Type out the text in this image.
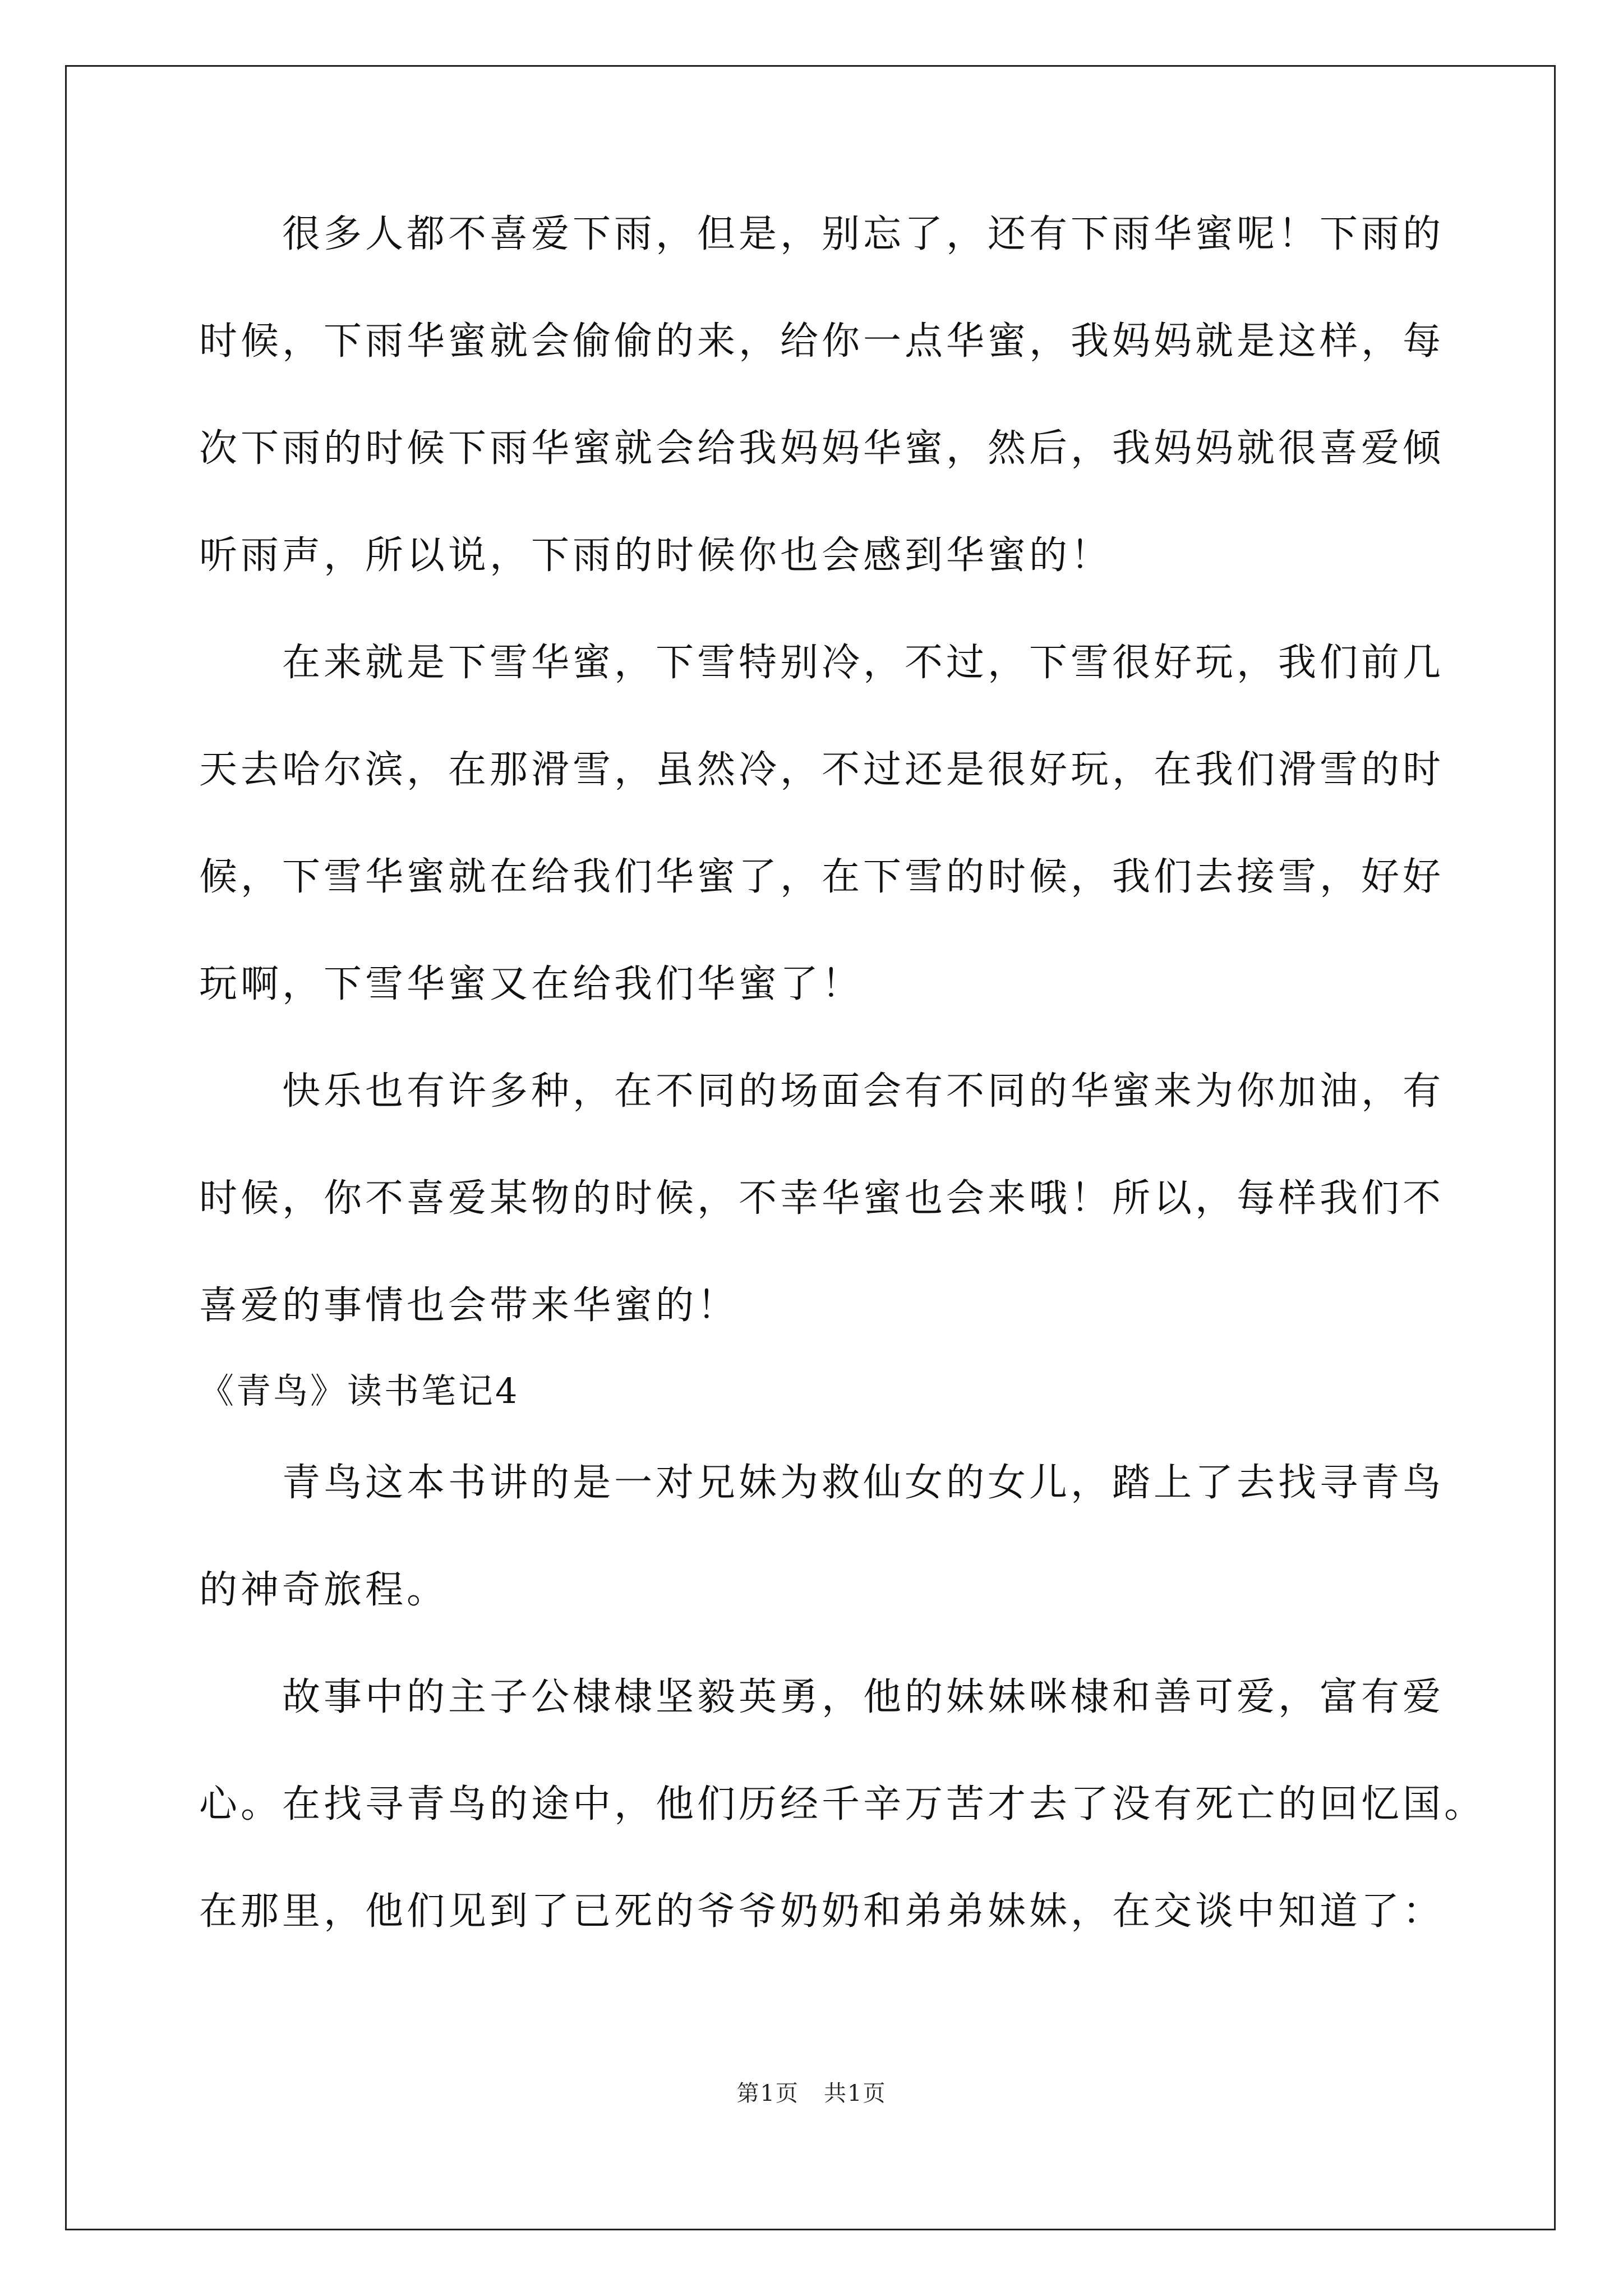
很多人都不喜爱下雨，但是，别忘了，还有下雨华蜜呢！下雨的
时候，下雨华蜜就会偷偷的来，给你一点华蜜，我妈妈就是这样，每
次下雨的时候下雨华蜜就会给我妈妈华蜜，然后，我妈妈就很喜爱倾
听雨声，所以说，下雨的时候你也会感到华蜜的！
在来就是下雪华蜜，下雪特别冷，不过，下雪很好玩，我们前几
天去哈尔滨，在那滑雪，虽然冷，不过还是很好玩，在我们滑雪的时
候，下雪华蜜就在给我们华蜜了，在下雪的时候，我们去接雪，好好
玩啊，下雪华蜜又在给我们华蜜了！
快乐也有许多种，在不同的场面会有不同的华蜜来为你加油，有
时候，你不喜爱某物的时候，不幸华蜜也会来哦！所以，每样我们不
喜爱的事情也会带来华蜜的！
《青鸟》读书笔记4
青鸟这本书讲的是一对兄妹为救仙女的女儿，踏上了去找寻青鸟
的神奇旅程。
故事中的主子公棣棣坚毅英勇，他的妹妹咪棣和善可爱，富有爱
心。在找寻青鸟的途中，他们历经千辛万苦才去了没有死亡的回忆国。
在那里，他们见到了已死的爷爷奶奶和弟弟妹妹，在交谈中知道了：
第1页   共1页
